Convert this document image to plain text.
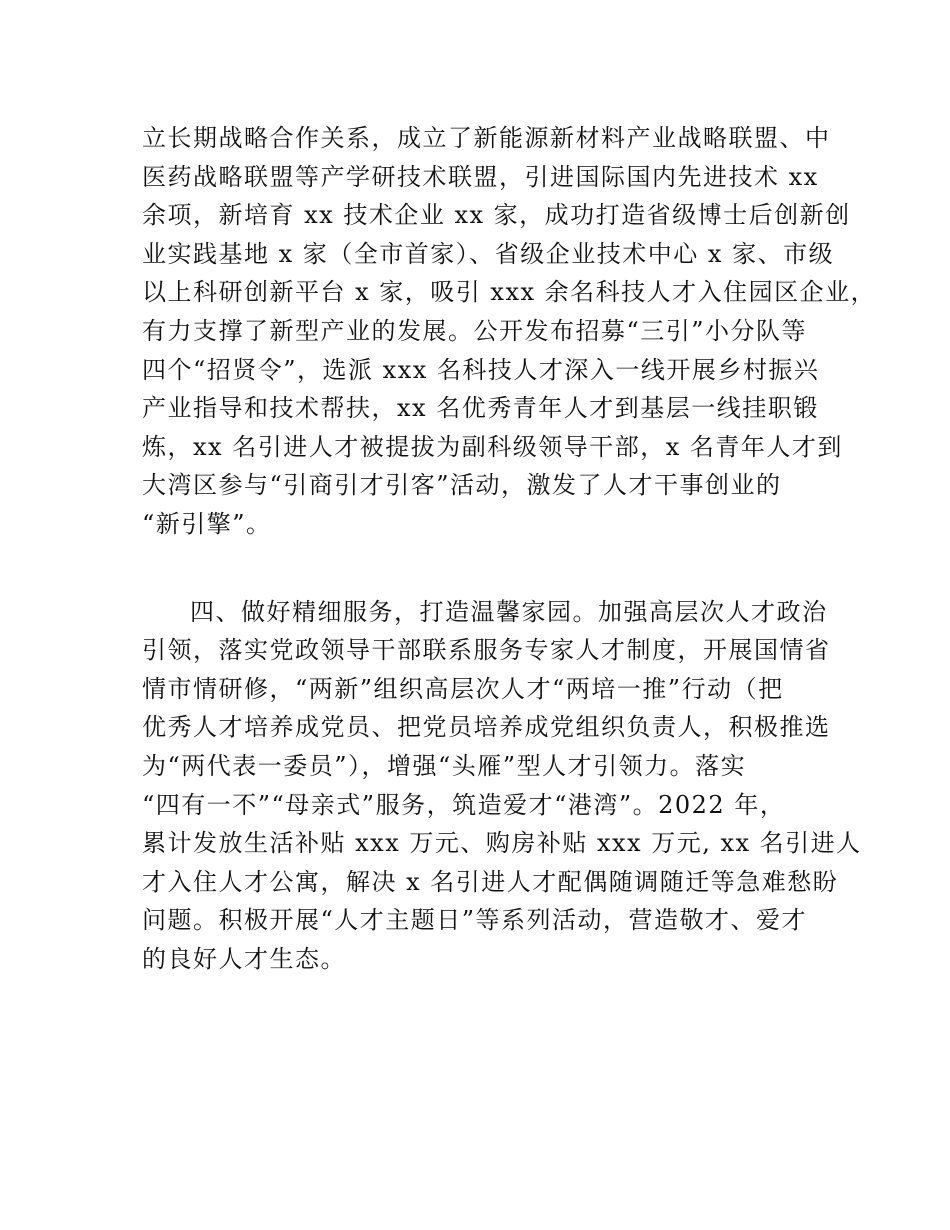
立长期战略合作关系，成立了新能源新材料产业战略联盟、中
医药战略联盟等产学研技术联盟，引进国际国内先进技术 xx
余项，新培育 xx 技术企业 xx 家，成功打造省级博士后创新创
业实践基地 x 家（全市首家）、省级企业技术中心 x 家、市级
以上科研创新平台 x 家，吸引 xxx 余名科技人才入住园区企业，
有力支撑了新型产业的发展。公开发布招募“三引”小分队等
四个“招贤令”，选派 xxx 名科技人才深入一线开展乡村振兴
产业指导和技术帮扶，xx 名优秀青年人才到基层一线挂职锻
炼，xx 名引进人才被提拔为副科级领导干部，x 名青年人才到
大湾区参与“引商引才引客”活动，激发了人才干事创业的
“新引擎”。
四、做好精细服务，打造温馨家园。加强高层次人才政治
引领，落实党政领导干部联系服务专家人才制度，开展国情省
情市情研修，“两新”组织高层次人才“两培一推”行动（把
优秀人才培养成党员、把党员培养成党组织负责人，积极推选
为“两代表一委员”），增强“头雁”型人才引领力。落实
“四有一不”“母亲式”服务，筑造爱才“港湾”。2022 年，
累计发放生活补贴 xxx 万元、购房补贴 xxx 万元, xx 名引进人
才入住人才公寓，解决 x 名引进人才配偶随调随迁等急难愁盼
问题。积极开展“人才主题日”等系列活动，营造敬才、爱才
的良好人才生态。
